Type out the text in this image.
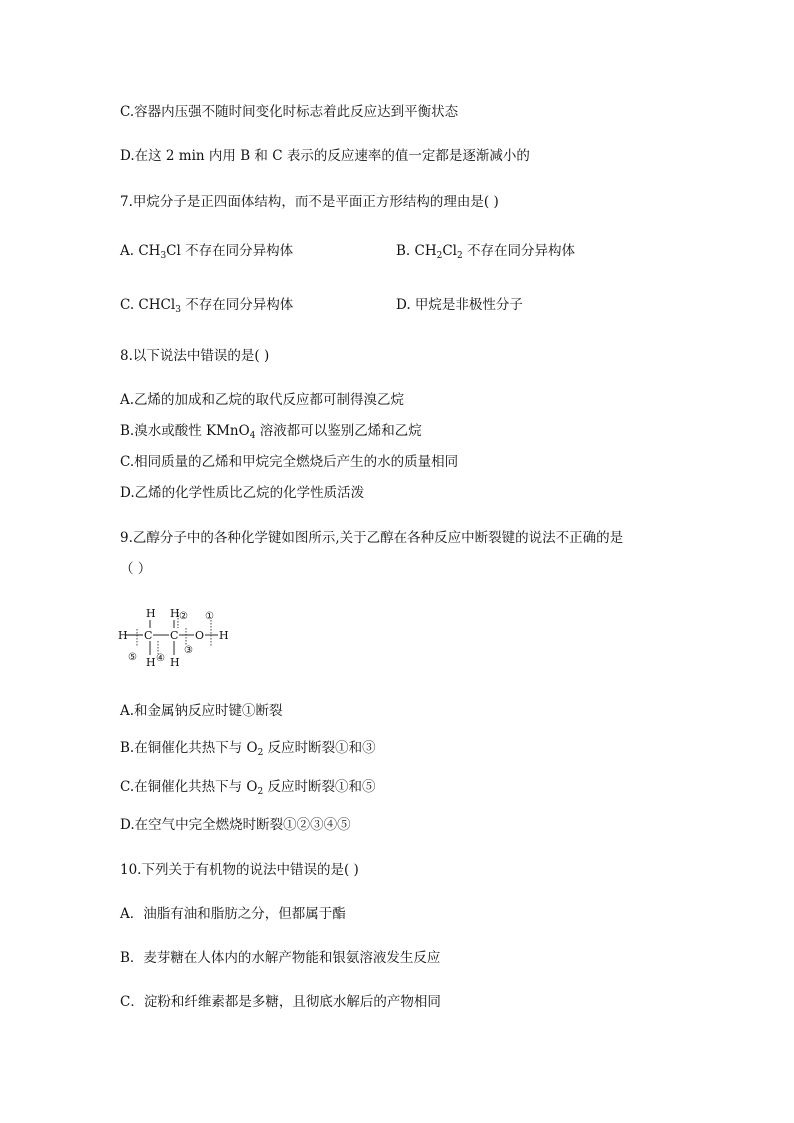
C.容器内压强不随时间变化时标志着此反应达到平衡状态
D.在这 2 min 内用 B 和 C 表示的反应速率的值一定都是逐渐减小的
7.甲烷分子是正四面体结构，而不是平面正方形结构的理由是( )
A. $CH_3Cl$ 不存在同分异构体	B. $CH_2Cl_2$ 不存在同分异构体
C. CHCl$_3$ 不存在同分异构体	D. 甲烷是非极性分子
8.以下说法中错误的是( )
A.乙烯的加成和乙烷的取代反应都可制得溴乙烷
B.溴水或酸性 KMnO$_4$ 溶液都可以鉴别乙烯和乙烷
C.相同质量的乙烯和甲烷完全燃烧后产生的水的质量相同
D.乙烯的化学性质比乙烷的化学性质活泼
9.乙醇分子中的各种化学键如图所示,关于乙醇在各种反应中断裂键的说法不正确的是
（ ）
H H
H C C O H
H H
①
②
③
④
⑤
A.和金属钠反应时键①断裂
B.在铜催化共热下与 $O_2$ 反应时断裂①和③
C.在铜催化共热下与 $O_2$ 反应时断裂①和⑤
D.在空气中完全燃烧时断裂①②③④⑤
10.下列关于有机物的说法中错误的是( )
A．油脂有油和脂肪之分，但都属于酯
B．麦芽糖在人体内的水解产物能和银氨溶液发生反应
C．淀粉和纤维素都是多糖，且彻底水解后的产物相同
